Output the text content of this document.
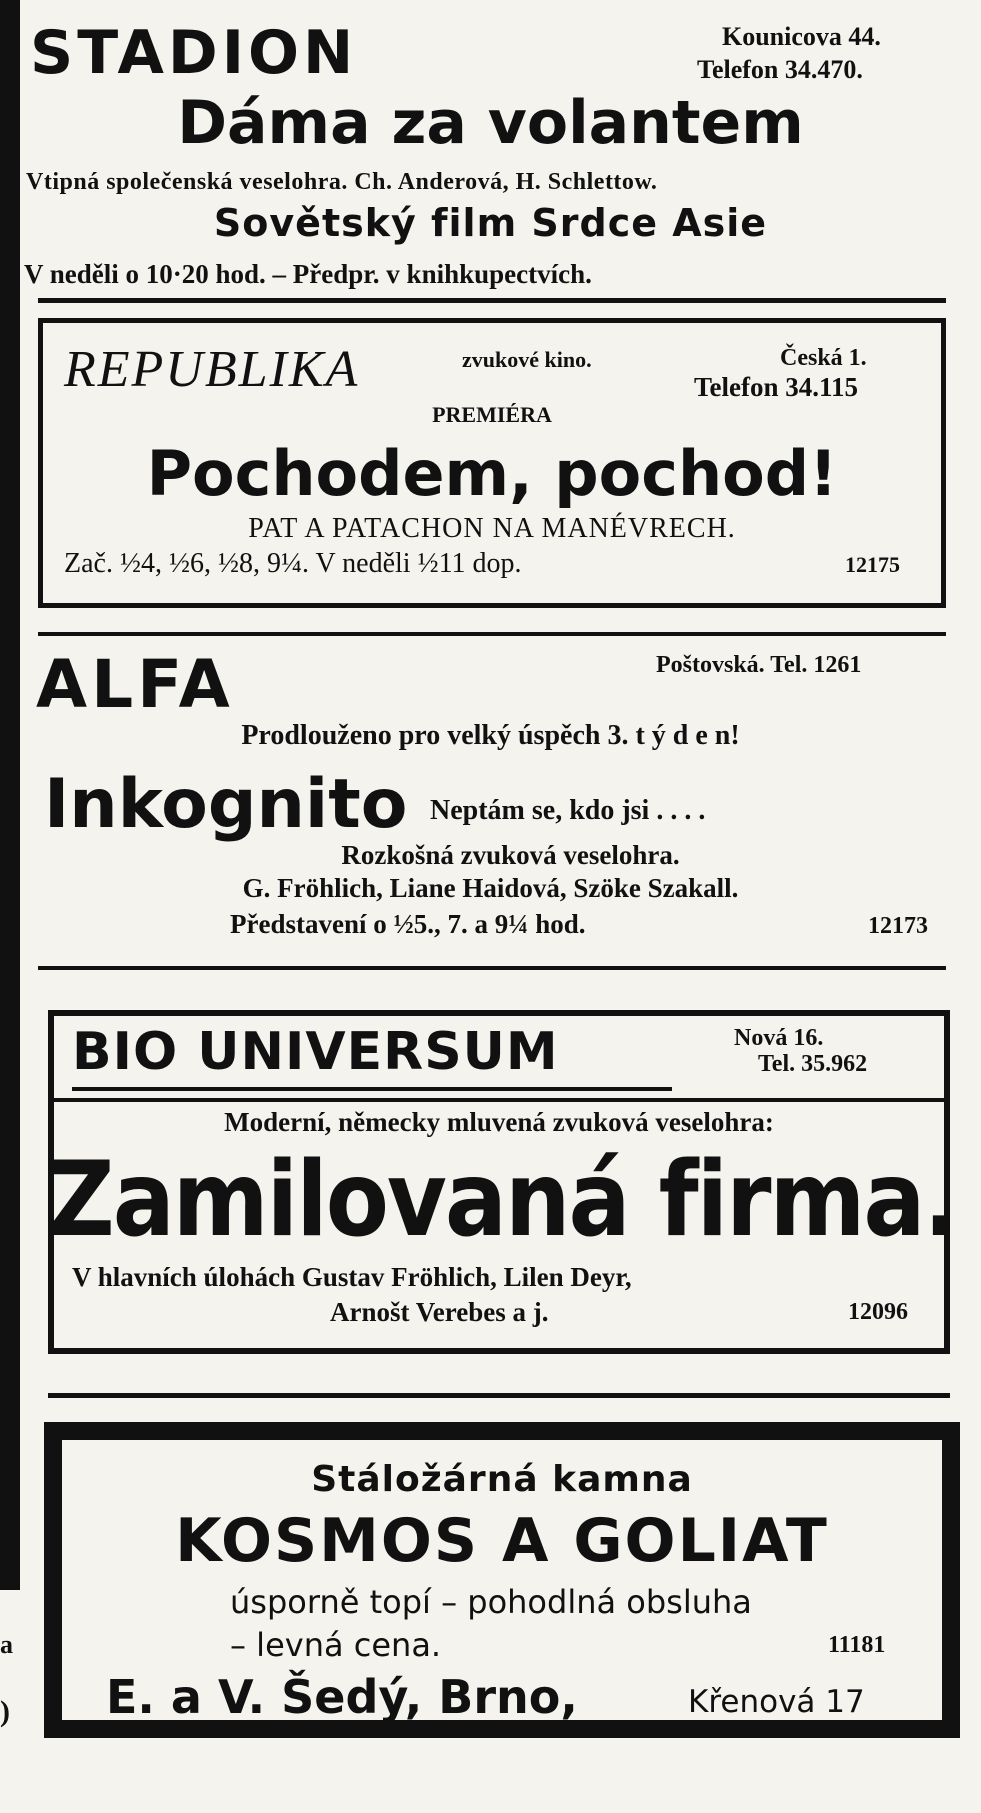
a
)
STADION	Kounicova 44.
Telefon 34.470.
Dáma za volantem
Vtipná společenská veselohra. Ch. Anderová, H. Schlettow.
Sovětský film Srdce Asie
V neděli o 10·20 hod. – Předpr. v knihkupectvích.
REPUBLIKA	zvukové kino.	Česká 1.
Telefon 34.115
PREMIÉRA
Pochodem, pochod!
PAT A PATACHON NA MANÉVRECH.
Zač. ½4, ½6, ½8, 9¼. V neděli ½11 dop.	12175
ALFA	Poštovská. Tel. 1261
Prodlouženo pro velký úspěch 3. t ý d e n!
Inkognito Neptám se, kdo jsi . . . .
Rozkošná zvuková veselohra.
G. Fröhlich, Liane Haidová, Szöke Szakall.
Představení o ½5., 7. a 9¼ hod.	12173
BIO UNIVERSUM	Nová 16.
Tel. 35.962
Moderní, německy mluvená zvuková veselohra:
Zamilovaná firma.
V hlavních úlohách Gustav Fröhlich, Lilen Deyr,
Arnošt Verebes a j.	12096
Stáložárná kamna
KOSMOS A GOLIAT
úsporně topí – pohodlná obsluha
– levná cena.	11181
E. a V. Šedý, Brno,	Křenová 17
